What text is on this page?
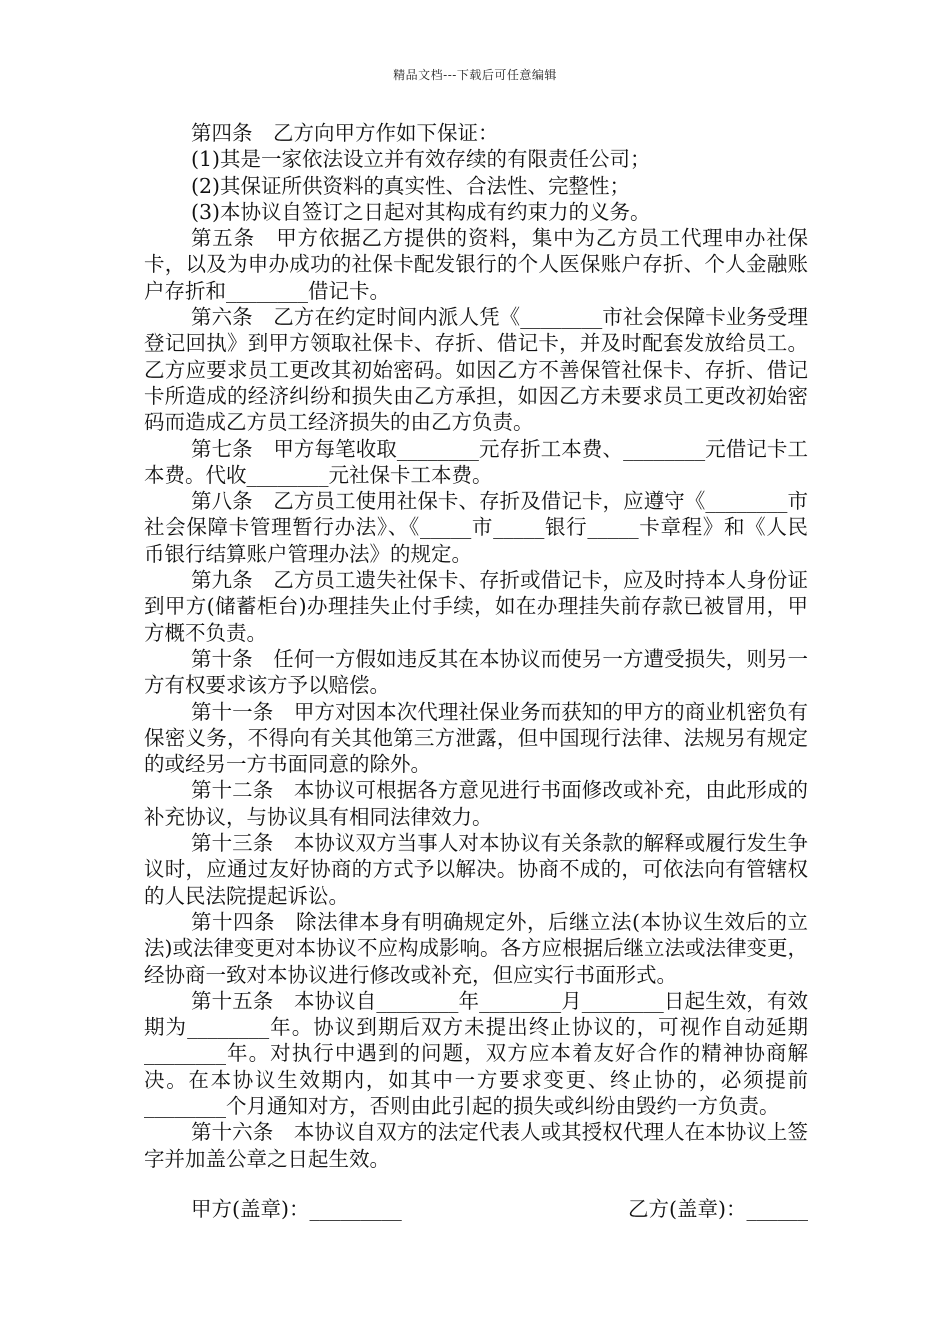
精品文档---下载后可任意编辑

第四条　乙方向甲方作如下保证：

(1)其是一家依法设立并有效存续的有限责任公司；

(2)其保证所供资料的真实性、合法性、完整性；

(3)本协议自签订之日起对其构成有约束力的义务。

第五条　甲方依据乙方提供的资料，集中为乙方员工代理申办社保卡，以及为申办成功的社保卡配发银行的个人医保账户存折、个人金融账户存折和________借记卡。

第六条　乙方在约定时间内派人凭《________市社会保障卡业务受理登记回执》到甲方领取社保卡、存折、借记卡，并及时配套发放给员工。乙方应要求员工更改其初始密码。如因乙方不善保管社保卡、存折、借记卡所造成的经济纠纷和损失由乙方承担，如因乙方未要求员工更改初始密码而造成乙方员工经济损失的由乙方负责。

第七条　甲方每笔收取________元存折工本费、________元借记卡工本费。代收________元社保卡工本费。

第八条　乙方员工使用社保卡、存折及借记卡，应遵守《________市社会保障卡管理暂行办法》、《_____市_____银行_____卡章程》和《人民币银行结算账户管理办法》的规定。

第九条　乙方员工遗失社保卡、存折或借记卡，应及时持本人身份证到甲方(储蓄柜台)办理挂失止付手续，如在办理挂失前存款已被冒用，甲方概不负责。

第十条　任何一方假如违反其在本协议而使另一方遭受损失，则另一方有权要求该方予以赔偿。

第十一条　甲方对因本次代理社保业务而获知的甲方的商业机密负有保密义务，不得向有关其他第三方泄露，但中国现行法律、法规另有规定的或经另一方书面同意的除外。

第十二条　本协议可根据各方意见进行书面修改或补充，由此形成的补充协议，与协议具有相同法律效力。

第十三条　本协议双方当事人对本协议有关条款的解释或履行发生争议时，应通过友好协商的方式予以解决。协商不成的，可依法向有管辖权的人民法院提起诉讼。

第十四条　除法律本身有明确规定外，后继立法(本协议生效后的立法)或法律变更对本协议不应构成影响。各方应根据后继立法或法律变更，经协商一致对本协议进行修改或补充，但应实行书面形式。

第十五条　本协议自________年________月________日起生效，有效期为________年。协议到期后双方未提出终止协议的，可视作自动延期________年。对执行中遇到的问题，双方应本着友好合作的精神协商解决。在本协议生效期内，如其中一方要求变更、终止协的，必须提前________个月通知对方，否则由此引起的损失或纠纷由毁约一方负责。

第十六条　本协议自双方的法定代表人或其授权代理人在本协议上签字并加盖公章之日起生效。

甲方(盖章)：_________	乙方(盖章)：______
